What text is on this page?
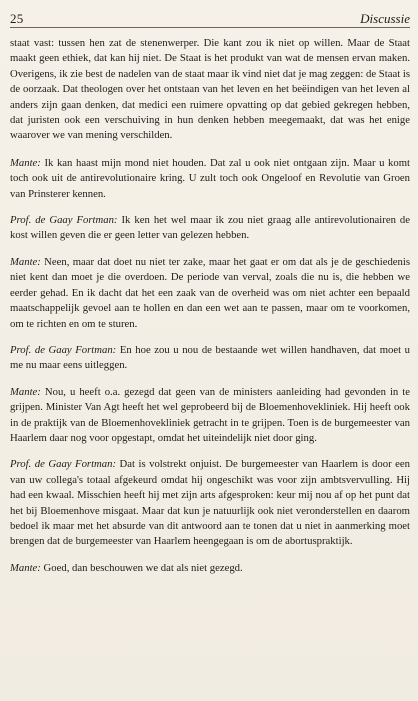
25	Discussie

staat vast: tussen hen zat de stenenwerper. Die kant zou ik niet op willen. Maar de Staat maakt geen ethiek, dat kan hij niet. De Staat is het produkt van wat de mensen ervan maken. Overigens, ik zie best de nadelen van de staat maar ik vind niet dat je mag zeggen: de Staat is de oorzaak. Dat theologen over het ontstaan van het leven en het beëindigen van het leven al anders zijn gaan denken, dat medici een ruimere opvatting op dat gebied gekregen hebben, dat juristen ook een verschuiving in hun denken hebben meegemaakt, dat was het enige waarover we van mening verschilden.

Mante: Ik kan haast mijn mond niet houden. Dat zal u ook niet ontgaan zijn. Maar u komt toch ook uit de antirevolutionaire kring. U zult toch ook Ongeloof en Revolutie van Groen van Prinsterer kennen.

Prof. de Gaay Fortman: Ik ken het wel maar ik zou niet graag alle antirevolutionairen de kost willen geven die er geen letter van gelezen hebben.

Mante: Neen, maar dat doet nu niet ter zake, maar het gaat er om dat als je de geschiedenis niet kent dan moet je die overdoen. De periode van verval, zoals die nu is, die hebben we eerder gehad. En ik dacht dat het een zaak van de overheid was om niet achter een bepaald maatschappelijk gevoel aan te hollen en dan een wet aan te passen, maar om te voorkomen, om te richten en om te sturen.

Prof. de Gaay Fortman: En hoe zou u nou de bestaande wet willen handhaven, dat moet u me nu maar eens uitleggen.

Mante: Nou, u heeft o.a. gezegd dat geen van de ministers aanleiding had gevonden in te grijpen. Minister Van Agt heeft het wel geprobeerd bij de Bloemenhovekliniek. Hij heeft ook in de praktijk van de Bloemenhovekliniek getracht in te grijpen. Toen is de burgemeester van Haarlem daar nog voor opgestapt, omdat het uiteindelijk niet door ging.

Prof. de Gaay Fortman: Dat is volstrekt onjuist. De burgemeester van Haarlem is door een van uw collega's totaal afgekeurd omdat hij ongeschikt was voor zijn ambtsvervulling. Hij had een kwaal. Misschien heeft hij met zijn arts afgesproken: keur mij nou af op het punt dat het bij Bloemenhove misgaat. Maar dat kun je natuurlijk ook niet veronderstellen en daarom bedoel ik maar met het absurde van dit antwoord aan te tonen dat u niet in aanmerking moet brengen dat de burgemeester van Haarlem heengegaan is om de abortuspraktijk.

Mante: Goed, dan beschouwen we dat als niet gezegd.
